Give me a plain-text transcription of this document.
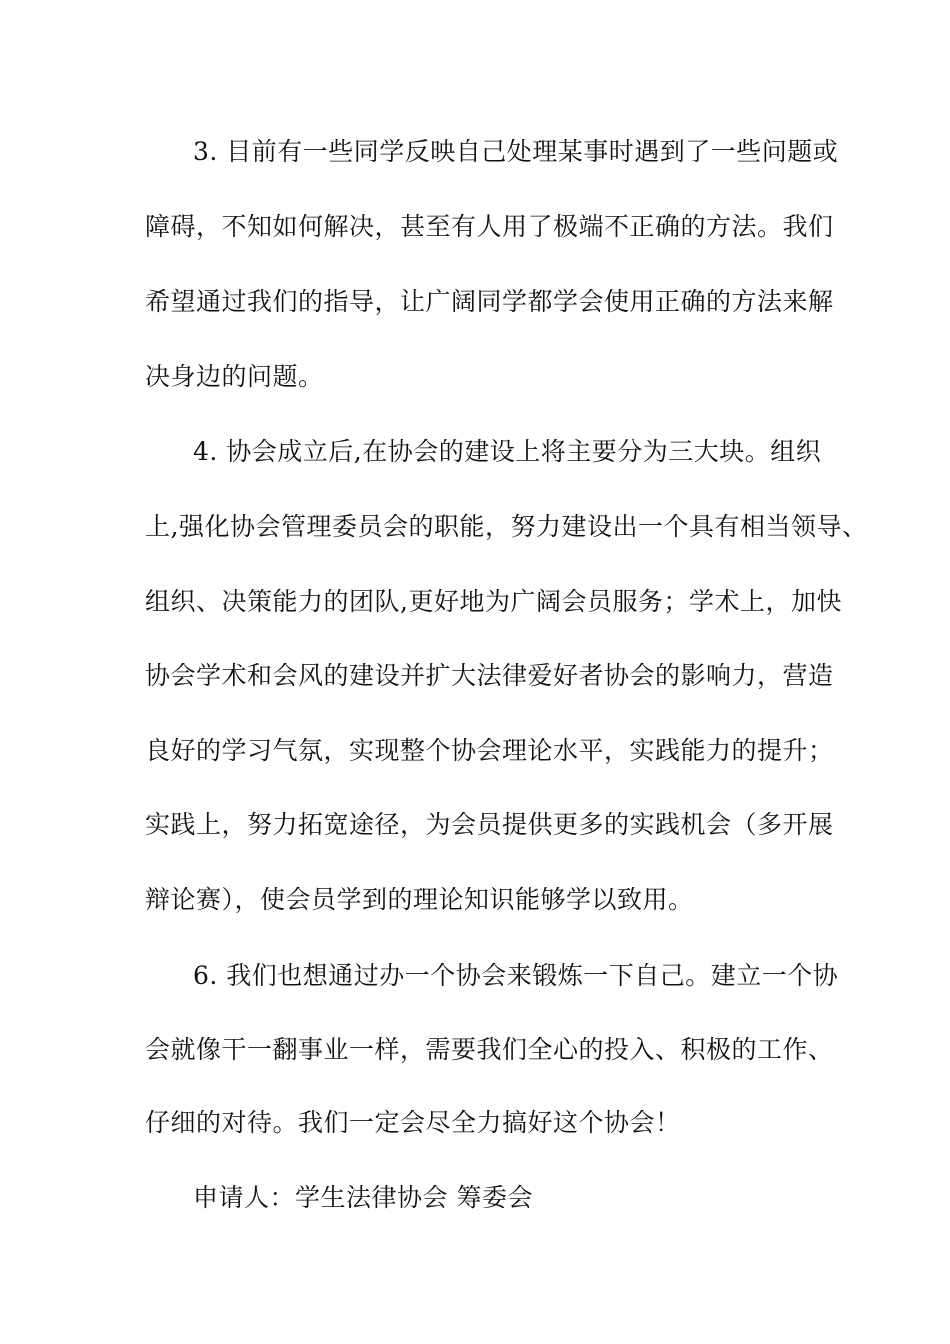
3. 目前有一些同学反映自己处理某事时遇到了一些问题或
障碍，不知如何解决，甚至有人用了极端不正确的方法。我们
希望通过我们的指导，让广阔同学都学会使用正确的方法来解
决身边的问题。
4. 协会成立后,在协会的建设上将主要分为三大块。组织
上,强化协会管理委员会的职能，努力建设出一个具有相当领导、
组织、决策能力的团队,更好地为广阔会员服务；学术上，加快
协会学术和会风的建设并扩大法律爱好者协会的影响力，营造
良好的学习气氛，实现整个协会理论水平，实践能力的提升；
实践上，努力拓宽途径，为会员提供更多的实践机会（多开展
辩论赛），使会员学到的理论知识能够学以致用。
6. 我们也想通过办一个协会来锻炼一下自己。建立一个协
会就像干一翻事业一样，需要我们全心的投入、积极的工作、
仔细的对待。我们一定会尽全力搞好这个协会！
申请人：学生法律协会 筹委会
